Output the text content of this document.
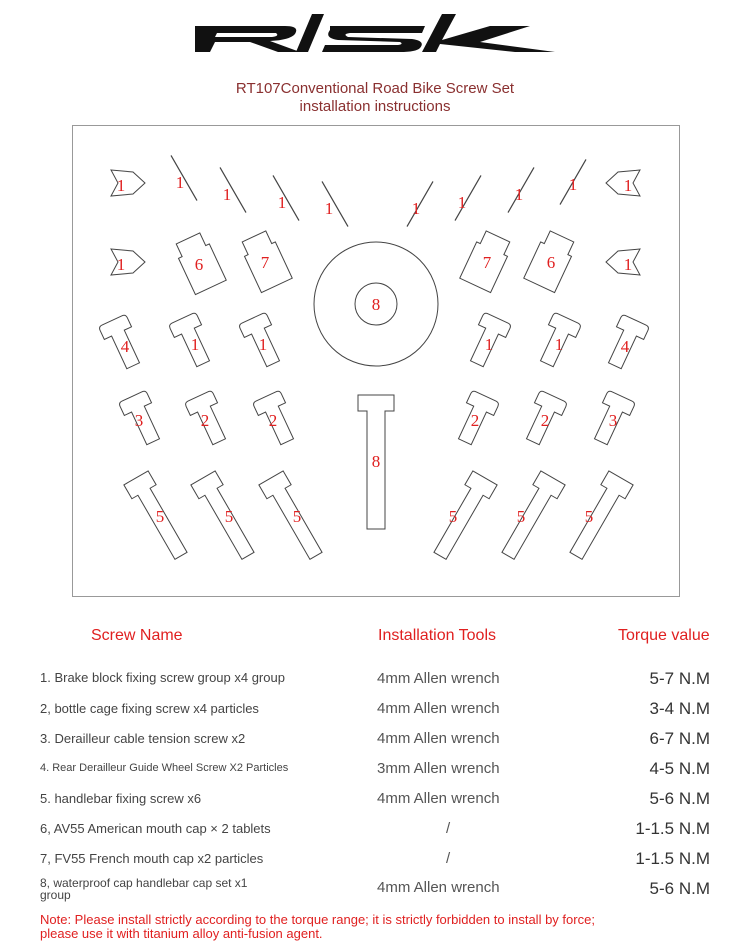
RT107Conventional Road Bike Screw Set
installation instructions
1	1
1	1 1	1 1	1
1	1
1	6	7
8
7	6	1
4	1	1	1	1	4
3	2	2
8
2	2	3
5	5	5	5	5	5
Screw Name	Installation Tools	Torque value
1. Brake block fixing screw group x4 group	4mm Allen wrench	5-7 N.M
2, bottle cage fixing screw x4 particles	4mm Allen wrench	3-4 N.M
3. Derailleur cable tension screw x2	4mm Allen wrench	6-7 N.M
4. Rear Derailleur Guide Wheel Screw X2 Particles	3mm Allen wrench	4-5 N.M
5. handlebar fixing screw x6	4mm Allen wrench	5-6 N.M
6, AV55 American mouth cap × 2 tablets	/	1-1.5 N.M
7, FV55 French mouth cap x2 particles	/	1-1.5 N.M
8, waterproof cap handlebar cap set x1 group	4mm Allen wrench	5-6 N.M
Note: Please install strictly according to the torque range; it is strictly forbidden to install by force; please use it with titanium alloy anti-fusion agent.
